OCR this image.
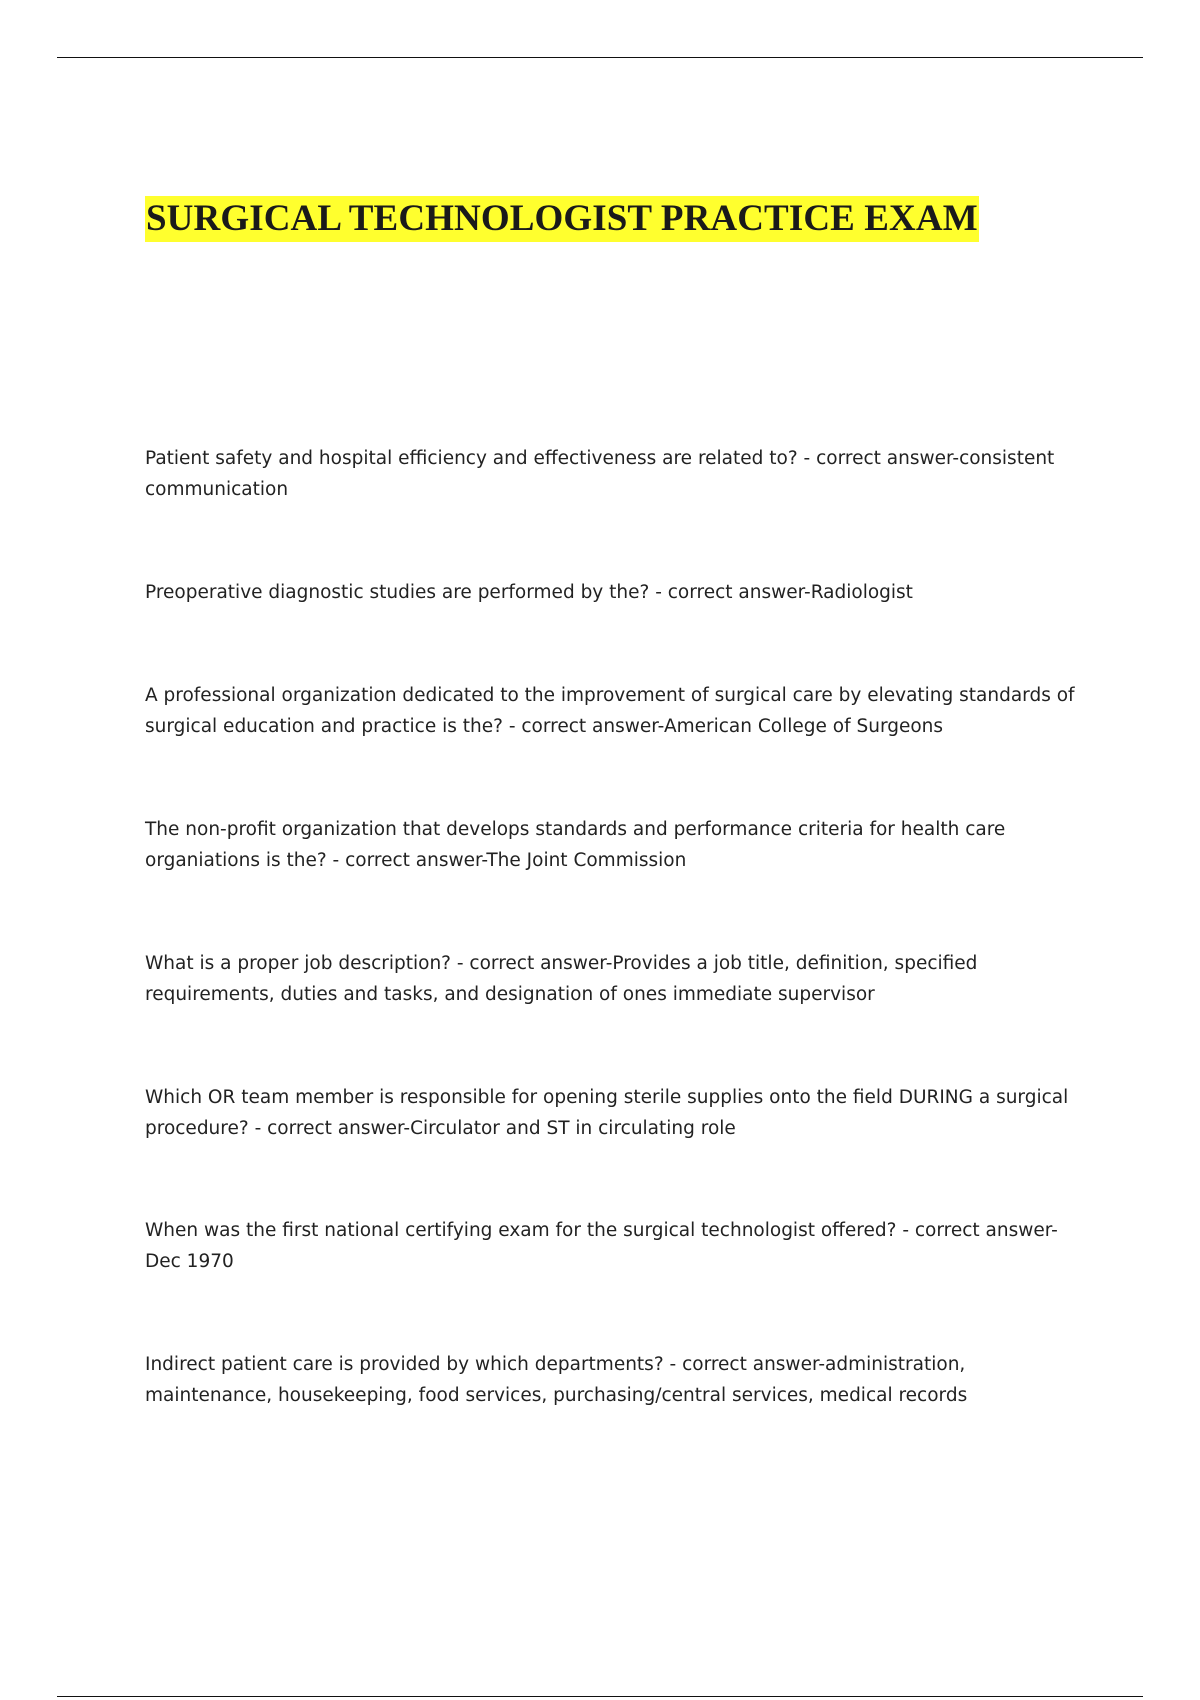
SURGICAL TECHNOLOGIST PRACTICE EXAM

Patient safety and hospital efficiency and effectiveness are related to? - correct answer-consistent communication

Preoperative diagnostic studies are performed by the? - correct answer-Radiologist

A professional organization dedicated to the improvement of surgical care by elevating standards of surgical education and practice is the? - correct answer-American College of Surgeons

The non-profit organization that develops standards and performance criteria for health care organiations is the? - correct answer-The Joint Commission

What is a proper job description? - correct answer-Provides a job title, definition, specified requirements, duties and tasks, and designation of ones immediate supervisor

Which OR team member is responsible for opening sterile supplies onto the field DURING a surgical procedure? - correct answer-Circulator and ST in circulating role

When was the first national certifying exam for the surgical technologist offered? - correct answer-Dec 1970

Indirect patient care is provided by which departments? - correct answer-administration, maintenance, housekeeping, food services, purchasing/central services, medical records
